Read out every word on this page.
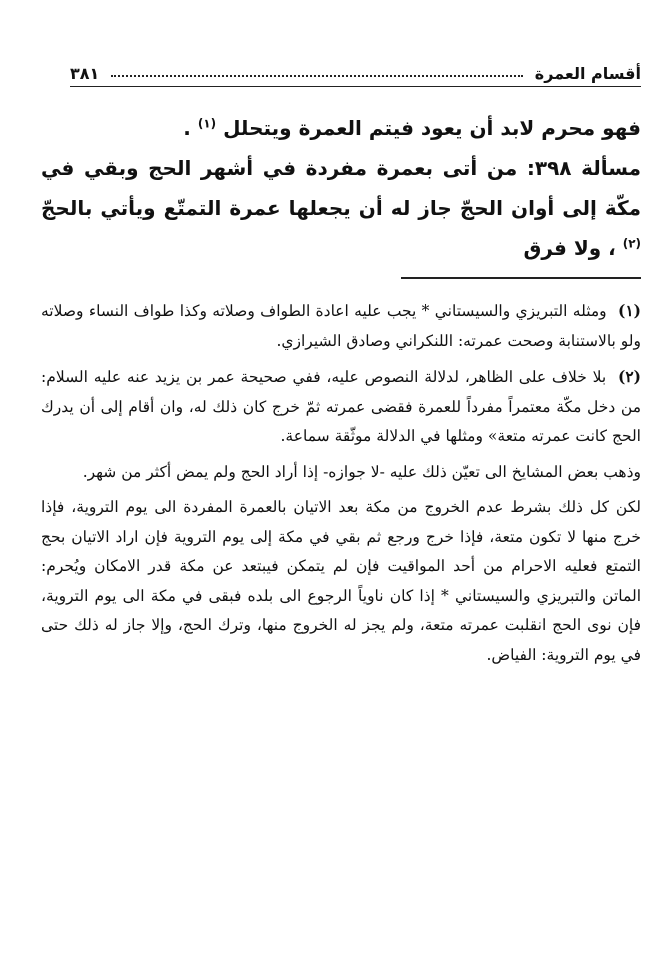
أقسام العمرة
٣٨١

فهو محرم لابد أن يعود فيتم العمرة ويتحلل $^{(١)}$ .

مسألة ٣٩٨: من أتى بعمرة مفردة في أشهر الحج وبقي في مكّة إلى أوان الحجّ جاز له أن يجعلها عمرة التمتّع ويأتي بالحجّ $^{(٢)}$ ، ولا فرق

(١) ومثله التبريزي والسيستاني * يجب عليه اعادة الطواف وصلاته وكذا طواف النساء وصلاته ولو بالاستنابة وصحت عمرته: اللنكراني وصادق الشيرازي.

(٢) بلا خلاف على الظاهر، لدلالة النصوص عليه، ففي صحيحة عمر بن يزيد عنه عليه السلام: من دخل مكّة معتمراً مفرداً للعمرة فقضى عمرته ثمّ خرج كان ذلك له، وان أقام إلى أن يدرك الحج كانت عمرته متعة» ومثلها في الدلالة موثّقة سماعة.

وذهب بعض المشايخ الى تعيّن ذلك عليه -لا جوازه- إذا أراد الحج ولم يمض أكثر من شهر.

لكن كل ذلك بشرط عدم الخروج من مكة بعد الاتيان بالعمرة المفردة الى يوم التروية، فإذا خرج منها لا تكون متعة، فإذا خرج ورجع ثم بقي في مكة إلى يوم التروية فإن اراد الاتيان بحج التمتع فعليه الاحرام من أحد المواقيت فإن لم يتمكن فيبتعد عن مكة قدر الامكان ويُحرم: الماتن والتبريزي والسيستاني * إذا كان ناوياً الرجوع الى بلده فبقى في مكة الى يوم التروية، فإن نوى الحج انقلبت عمرته متعة، ولم يجز له الخروج منها، وترك الحج، وإلا جاز له ذلك حتى في يوم التروية: الفياض.
